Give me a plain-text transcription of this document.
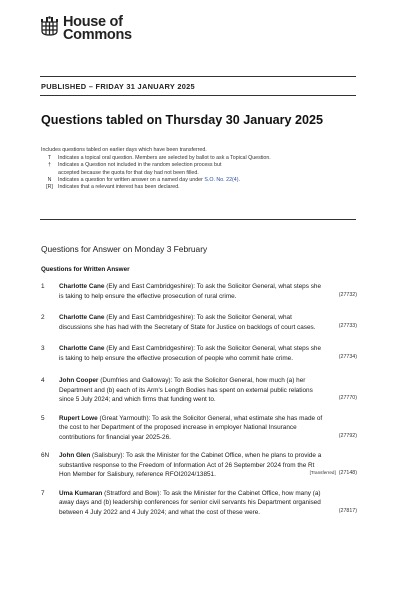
House of
Commons
PUBLISHED – FRIDAY 31 JANUARY 2025
Questions tabled on Thursday 30 January 2025
Includes questions tabled on earlier days which have been transferred.
T	Indicates a topical oral question. Members are selected by ballot to ask a Topical Question.
†	Indicates a Question not included in the random selection process but accepted because the quota for that day had not been filled.
N	Indicates a question for written answer on a named day under S.O. No. 22(4).
[R] Indicates that a relevant interest has been declared.
Questions for Answer on Monday 3 February
Questions for Written Answer
1	Charlotte Cane (Ely and East Cambridgeshire): To ask the Solicitor General, what steps she is taking to help ensure the effective prosecution of rural crime.	(27732)
2	Charlotte Cane (Ely and East Cambridgeshire): To ask the Solicitor General, what discussions she has had with the Secretary of State for Justice on backlogs of court cases.	(27733)
3	Charlotte Cane (Ely and East Cambridgeshire): To ask the Solicitor General, what steps she is taking to help ensure the effective prosecution of people who commit hate crime.	(27734)
4	John Cooper (Dumfries and Galloway): To ask the Solicitor General, how much (a) her Department and (b) each of its Arm's Length Bodies has spent on external public relations since 5 July 2024; and which firms that funding went to.	(27770)
5	Rupert Lowe (Great Yarmouth): To ask the Solicitor General, what estimate she has made of the cost to her Department of the proposed increase in employer National Insurance contributions for financial year 2025-26.	(27792)
6N	John Glen (Salisbury): To ask the Minister for the Cabinet Office, when he plans to provide a substantive response to the Freedom of Information Act of 26 September 2024 from the Rt Hon Member for Salisbury, reference RFOI2024/13851.	[Transferred] (27148)
7	Uma Kumaran (Stratford and Bow): To ask the Minister for the Cabinet Office, how many (a) away days and (b) leadership conferences for senior civil servants his Department organised between 4 July 2022 and 4 July 2024; and what the cost of these were.	(27817)
